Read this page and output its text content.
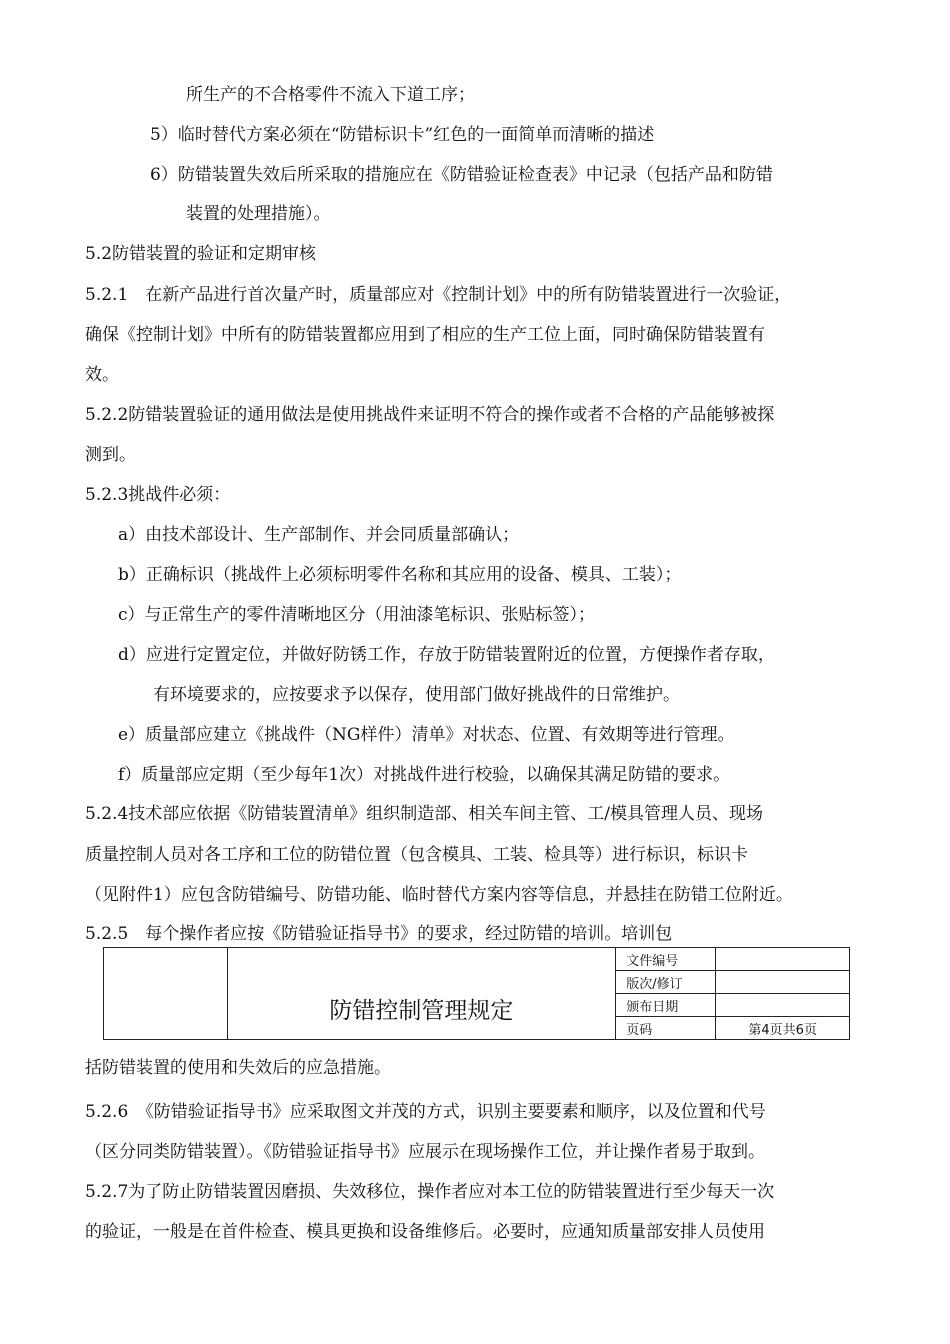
所生产的不合格零件不流入下道工序；
5）临时替代方案必须在“防错标识卡”红色的一面简单而清晰的描述
6）防错装置失效后所采取的措施应在《防错验证检查表》中记录（包括产品和防错
装置的处理措施）。
5.2防错装置的验证和定期审核
5.2.1　在新产品进行首次量产时，质量部应对《控制计划》中的所有防错装置进行一次验证，
确保《控制计划》中所有的防错装置都应用到了相应的生产工位上面，同时确保防错装置有
效。
5.2.2防错装置验证的通用做法是使用挑战件来证明不符合的操作或者不合格的产品能够被探
测到。
5.2.3挑战件必须：
a）由技术部设计、生产部制作、并会同质量部确认；
b）正确标识（挑战件上必须标明零件名称和其应用的设备、模具、工装）；
c）与正常生产的零件清晰地区分（用油漆笔标识、张贴标签）；
d）应进行定置定位，并做好防锈工作，存放于防错装置附近的位置，方便操作者存取，
有环境要求的，应按要求予以保存，使用部门做好挑战件的日常维护。
e）质量部应建立《挑战件（NG样件）清单》对状态、位置、有效期等进行管理。
f）质量部应定期（至少每年1次）对挑战件进行校验，以确保其满足防错的要求。
5.2.4技术部应依据《防错装置清单》组织制造部、相关车间主管、工/模具管理人员、现场
质量控制人员对各工序和工位的防错位置（包含模具、工装、检具等）进行标识，标识卡
（见附件1）应包含防错编号、防错功能、临时替代方案内容等信息，并悬挂在防错工位附近。
5.2.5　每个操作者应按《防错验证指导书》的要求，经过防错的培训。培训包

	防错控制管理规定	文件编号	
		版次/修订	
		颁布日期	
		页码	第4页共6页
括防错装置的使用和失效后的应急措施。
5.2.6　《防错验证指导书》应采取图文并茂的方式，识别主要要素和顺序，以及位置和代号
（区分同类防错装置）。《防错验证指导书》应展示在现场操作工位，并让操作者易于取到。
5.2.7为了防止防错装置因磨损、失效移位，操作者应对本工位的防错装置进行至少每天一次
的验证，一般是在首件检查、模具更换和设备维修后。必要时，应通知质量部安排人员使用
